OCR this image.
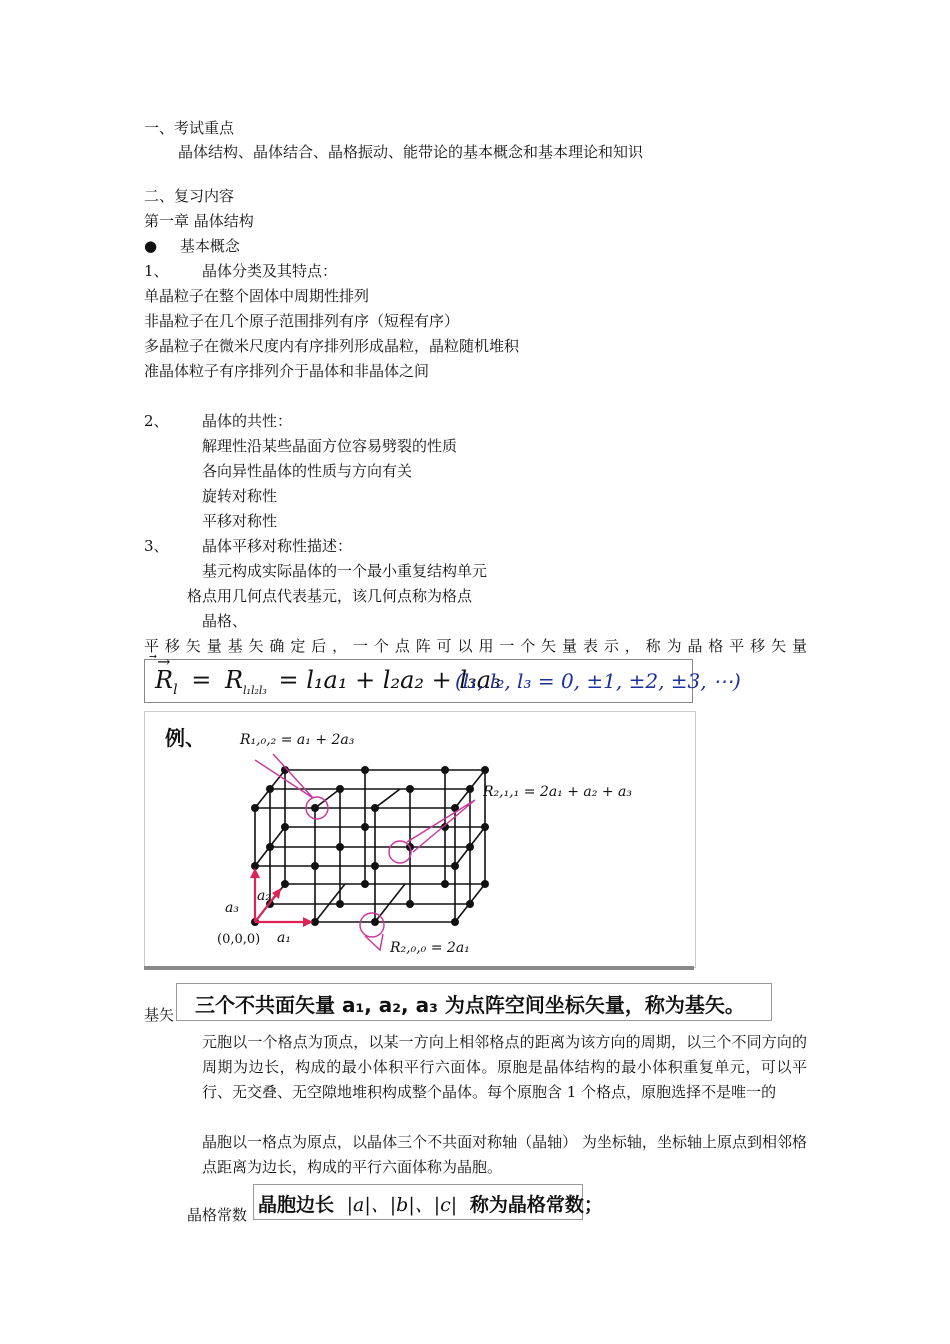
一、考试重点
晶体结构、晶体结合、晶格振动、能带论的基本概念和基本理论和知识
二、复习内容
第一章 晶体结构
● 基本概念
1、 晶体分类及其特点：
单晶粒子在整个固体中周期性排列
非晶粒子在几个原子范围排列有序（短程有序）
多晶粒子在微米尺度内有序排列形成晶粒，晶粒随机堆积
准晶体粒子有序排列介于晶体和非晶体之间
2、 晶体的共性：
解理性沿某些晶面方位容易劈裂的性质
各向异性晶体的性质与方向有关
旋转对称性
平移对称性
3、 晶体平移对称性描述：
基元构成实际晶体的一个最小重复结构单元
格点用几何点代表基元，该几何点称为格点
晶格、
平移矢量基矢确定后，一个点阵可以用一个矢量表示，称为晶格平移矢量
⃗→
$R_l = R_{l_1l_2l_3} = l_1a_1 + l_2a_2 + l_3a_3$
(l₁, l₂, l₃ = 0, ±1, ±2, ±3, ⋯)
例、	R₁,₀,₂ = a₁ + 2a₃
R₂,₁,₁ = 2a₁ + a₂ + a₃
R₂,₀,₀ = 2a₁
(0,0,0) a₁
a₂
a₃
基矢 三个不共面矢量 a₁, a₂, a₃ 为点阵空间坐标矢量，称为基矢。
元胞以一个格点为顶点，以某一方向上相邻格点的距离为该方向的周期，以三个不同方向的周期为边长，构成的最小体积平行六面体。原胞是晶体结构的最小体积重复单元，可以平行、无交叠、无空隙地堆积构成整个晶体。每个原胞含 1 个格点，原胞选择不是唯一的
晶胞以一格点为原点，以晶体三个不共面对称轴（晶轴） 为坐标轴，坐标轴上原点到相邻格点距离为边长，构成的平行六面体称为晶胞。
晶格常数 晶胞边长 |a|、|b|、|c| 称为晶格常数；
